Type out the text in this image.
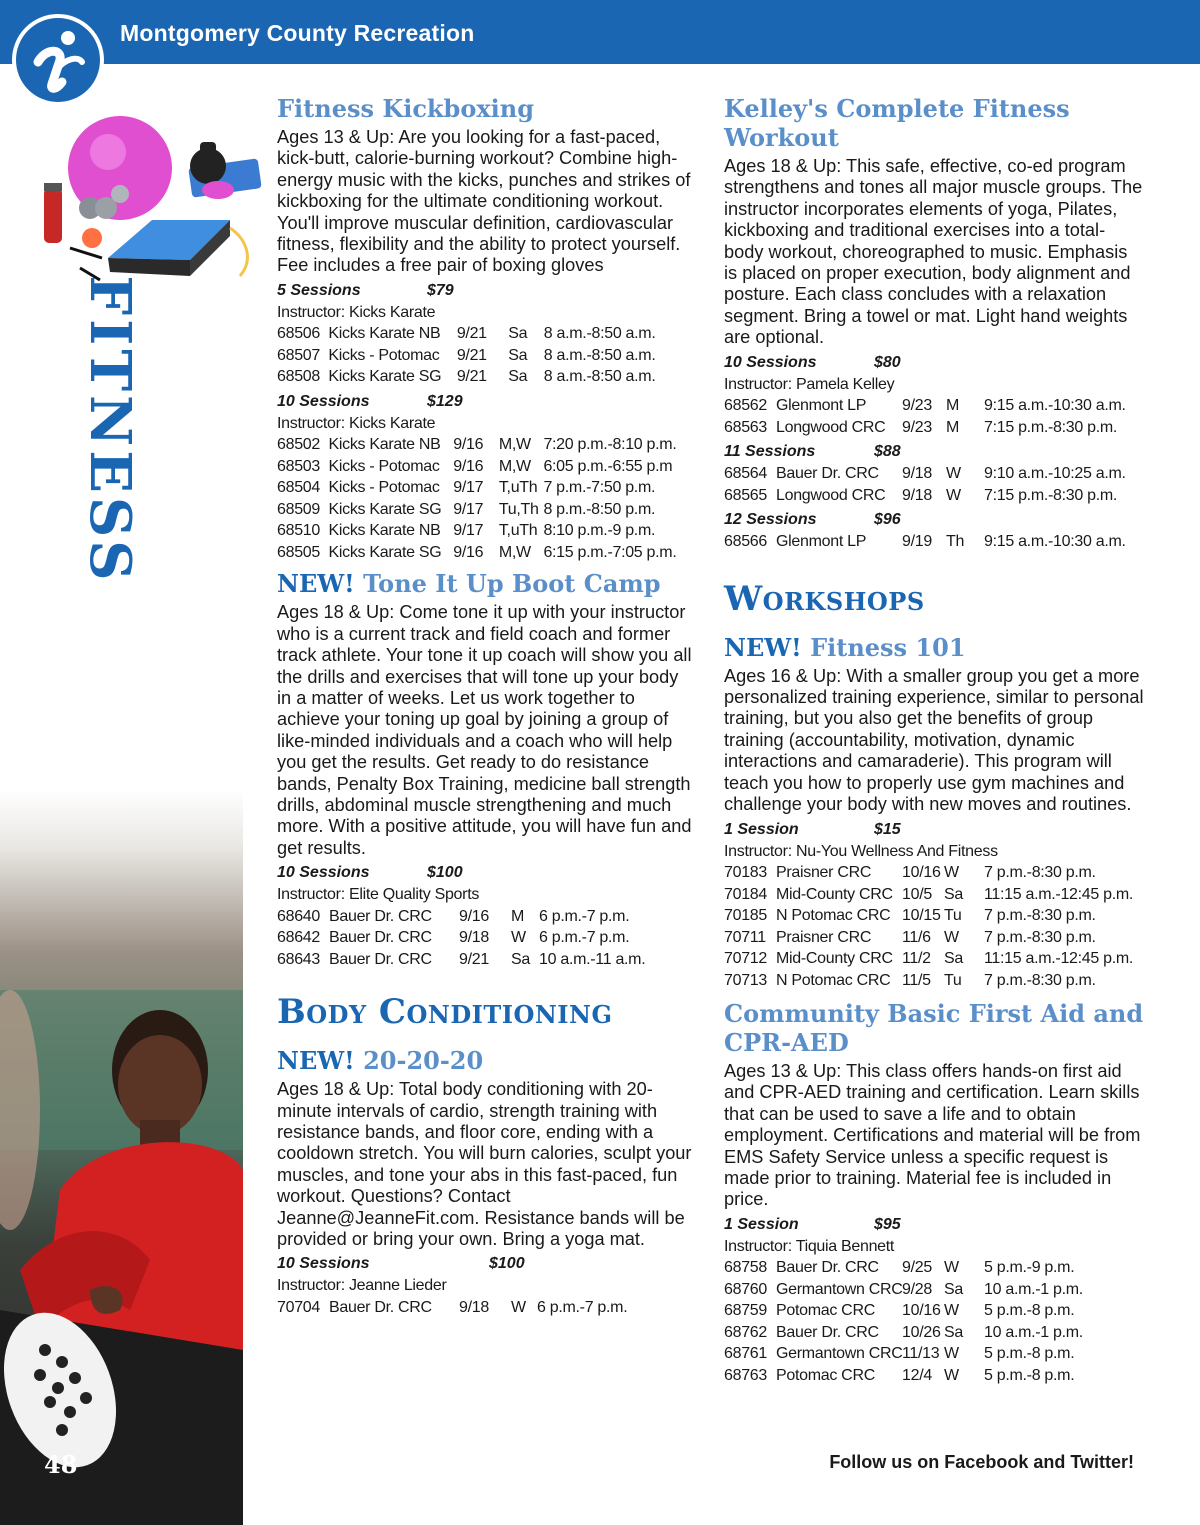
Montgomery County Recreation
FITNESS
48
Fitness Kickboxing

Ages 13 & Up: Are you looking for a fast-paced, kick-butt, calorie-burning workout? Combine high-energy music with the kicks, punches and strikes of kickboxing for the ultimate conditioning workout. You'll improve muscular definition, cardiovascular fitness, flexibility and the ability to protect yourself. Fee includes a free pair of boxing gloves

5 Sessions	$79
Instructor: Kicks Karate
68506 Kicks Karate NB	9/21	Sa	8 a.m.-8:50 a.m.
68507 Kicks - Potomac	9/21	Sa	8 a.m.-8:50 a.m.
68508 Kicks Karate SG 9/21	Sa	8 a.m.-8:50 a.m.
10 Sessions	$129
Instructor: Kicks Karate
68502 Kicks Karate NB 9/16 M,W 7:20 p.m.-8:10 p.m.
68503 Kicks - Potomac 9/16 M,W 6:05 p.m.-6:55 p.m
68504 Kicks - Potomac 9/17 T,uTh 7 p.m.-7:50 p.m.
68509 Kicks Karate SG 9/17 Tu,Th 8 p.m.-8:50 p.m.
68510 Kicks Karate NB 9/17 T,uTh 8:10 p.m.-9 p.m.
68505 Kicks Karate SG 9/16 M,W 6:15 p.m.-7:05 p.m.
NEW! Tone It Up Boot Camp

Ages 18 & Up: Come tone it up with your instructor who is a current track and field coach and former track athlete. Your tone it up coach will show you all the drills and exercises that will tone up your body in a matter of weeks. Let us work together to achieve your toning up goal by joining a group of like-minded individuals and a coach who will help you get the results. Get ready to do resistance bands, Penalty Box Training, medicine ball strength drills, abdominal muscle strengthening and much more. With a positive attitude, you will have fun and get results.

10 Sessions	$100
Instructor: Elite Quality Sports
68640 Bauer Dr. CRC	9/16	M 6 p.m.-7 p.m.
68642 Bauer Dr. CRC	9/18	W 6 p.m.-7 p.m.
68643 Bauer Dr. CRC	9/21	Sa 10 a.m.-11 a.m.
Body Conditioning
NEW! 20-20-20

Ages 18 & Up: Total body conditioning with 20-minute intervals of cardio, strength training with resistance bands, and floor core, ending with a cooldown stretch. You will burn calories, sculpt your muscles, and tone your abs in this fast-paced, fun workout. Questions? Contact Jeanne@JeanneFit.com. Resistance bands will be provided or bring your own. Bring a yoga mat.

10 Sessions	$100
Instructor: Jeanne Lieder
70704 Bauer Dr. CRC	9/18	W 6 p.m.-7 p.m.
Kelley's Complete Fitness Workout

Ages 18 & Up: This safe, effective, co-ed program strengthens and tones all major muscle groups. The instructor incorporates elements of yoga, Pilates, kickboxing and traditional exercises into a total-body workout, choreographed to music. Emphasis is placed on proper execution, body alignment and posture. Each class concludes with a relaxation segment. Bring a towel or mat. Light hand weights are optional.

10 Sessions	$80
Instructor: Pamela Kelley
68562 Glenmont LP	9/23 M	9:15 a.m.-10:30 a.m.
68563 Longwood CRC	9/23 M	7:15 p.m.-8:30 p.m.
11 Sessions	$88
68564 Bauer Dr. CRC	9/18 W	9:10 a.m.-10:25 a.m.
68565 Longwood CRC	9/18 W	7:15 p.m.-8:30 p.m.
12 Sessions	$96
68566 Glenmont LP	9/19 Th	9:15 a.m.-10:30 a.m.
Workshops
NEW! Fitness 101

Ages 16 & Up: With a smaller group you get a more personalized training experience, similar to personal training, but you also get the benefits of group training (accountability, motivation, dynamic interactions and camaraderie). This program will teach you how to properly use gym machines and challenge your body with new moves and routines.

1 Session	$15
Instructor: Nu-You Wellness And Fitness
70183 Praisner CRC	10/16 W	7 p.m.-8:30 p.m.
70184 Mid-County CRC 10/5 Sa	11:15 a.m.-12:45 p.m.
70185 N Potomac CRC 10/15 Tu	7 p.m.-8:30 p.m.
70711 Praisner CRC	11/6 W	7 p.m.-8:30 p.m.
70712 Mid-County CRC 11/2 Sa	11:15 a.m.-12:45 p.m.
70713 N Potomac CRC 11/5 Tu	7 p.m.-8:30 p.m.
Community Basic First Aid and CPR-AED

Ages 13 & Up: This class offers hands-on first aid and CPR-AED training and certification. Learn skills that can be used to save a life and to obtain employment. Certifications and material will be from EMS Safety Service unless a specific request is made prior to training. Material fee is included in price.

1 Session	$95
Instructor: Tiquia Bennett
68758 Bauer Dr. CRC	9/25 W	5 p.m.-9 p.m.
68760 Germantown CRC 9/28 Sa	10 a.m.-1 p.m.
68759 Potomac CRC	10/16 W	5 p.m.-8 p.m.
68762 Bauer Dr. CRC	10/26 Sa	10 a.m.-1 p.m.
68761 Germantown CRC 11/13 W	5 p.m.-8 p.m.
68763 Potomac CRC	12/4 W	5 p.m.-8 p.m.
Follow us on Facebook and Twitter!
